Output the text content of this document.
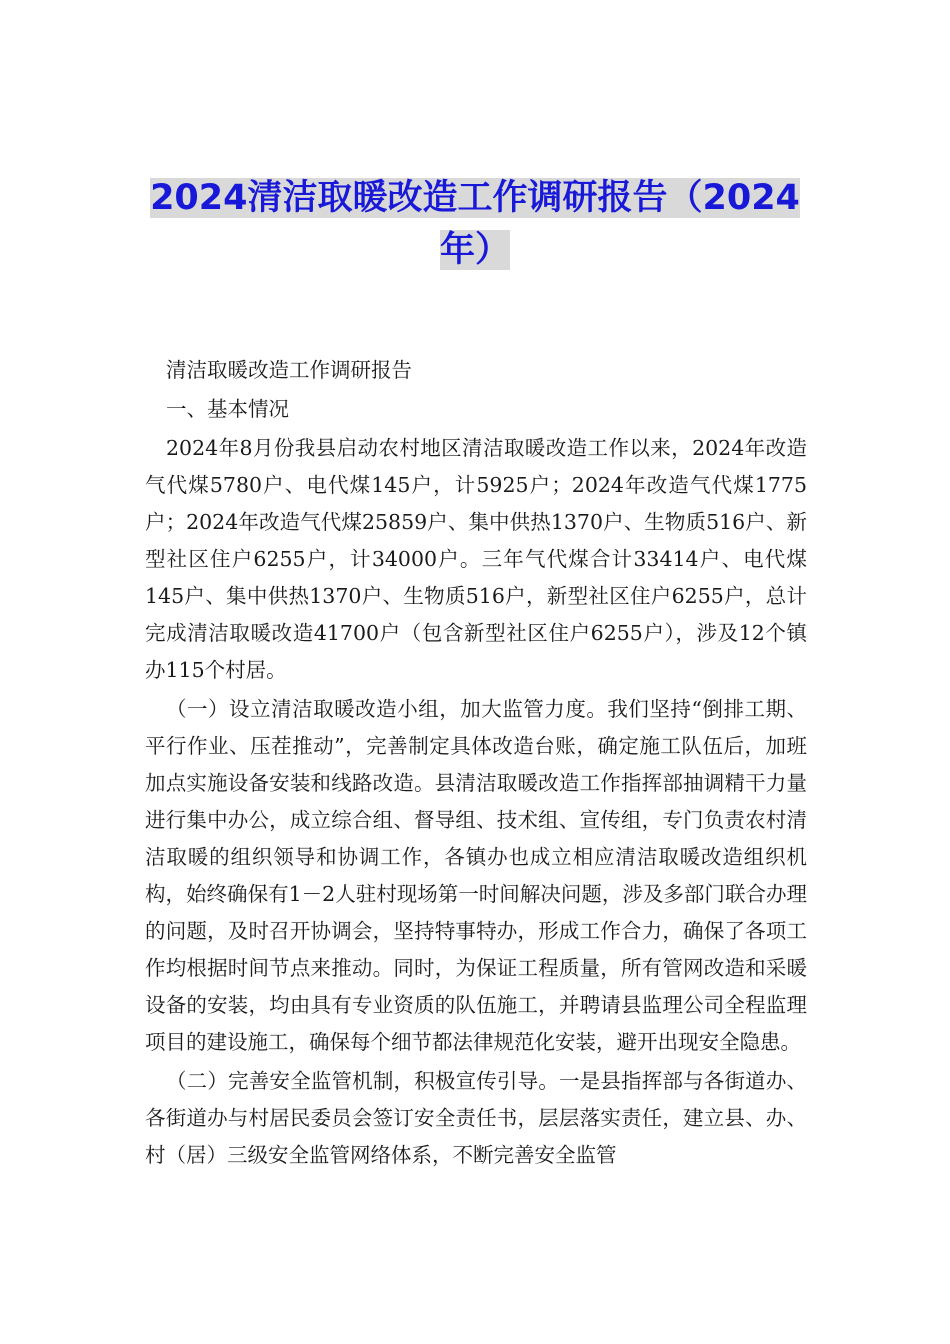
2024清洁取暖改造工作调研报告（2024年）

清洁取暖改造工作调研报告

一、基本情况

2024年8月份我县启动农村地区清洁取暖改造工作以来，2024年改造气代煤5780户、电代煤145户，计5925户；2024年改造气代煤1775户；2024年改造气代煤25859户、集中供热1370户、生物质516户、新型社区住户6255户，计34000户。三年气代煤合计33414户、电代煤145户、集中供热1370户、生物质516户，新型社区住户6255户，总计完成清洁取暖改造41700户（包含新型社区住户6255户），涉及12个镇办115个村居。

（一）设立清洁取暖改造小组，加大监管力度。我们坚持“倒排工期、平行作业、压茬推动”，完善制定具体改造台账，确定施工队伍后，加班加点实施设备安装和线路改造。县清洁取暖改造工作指挥部抽调精干力量进行集中办公，成立综合组、督导组、技术组、宣传组，专门负责农村清洁取暖的组织领导和协调工作，各镇办也成立相应清洁取暖改造组织机构，始终确保有1－2人驻村现场第一时间解决问题，涉及多部门联合办理的问题，及时召开协调会，坚持特事特办，形成工作合力，确保了各项工作均根据时间节点来推动。同时，为保证工程质量，所有管网改造和采暖设备的安装，均由具有专业资质的队伍施工，并聘请县监理公司全程监理项目的建设施工，确保每个细节都法律规范化安装，避开出现安全隐患。

（二）完善安全监管机制，积极宣传引导。一是县指挥部与各街道办、各街道办与村居民委员会签订安全责任书，层层落实责任，建立县、办、村（居）三级安全监管网络体系，不断完善安全监管
